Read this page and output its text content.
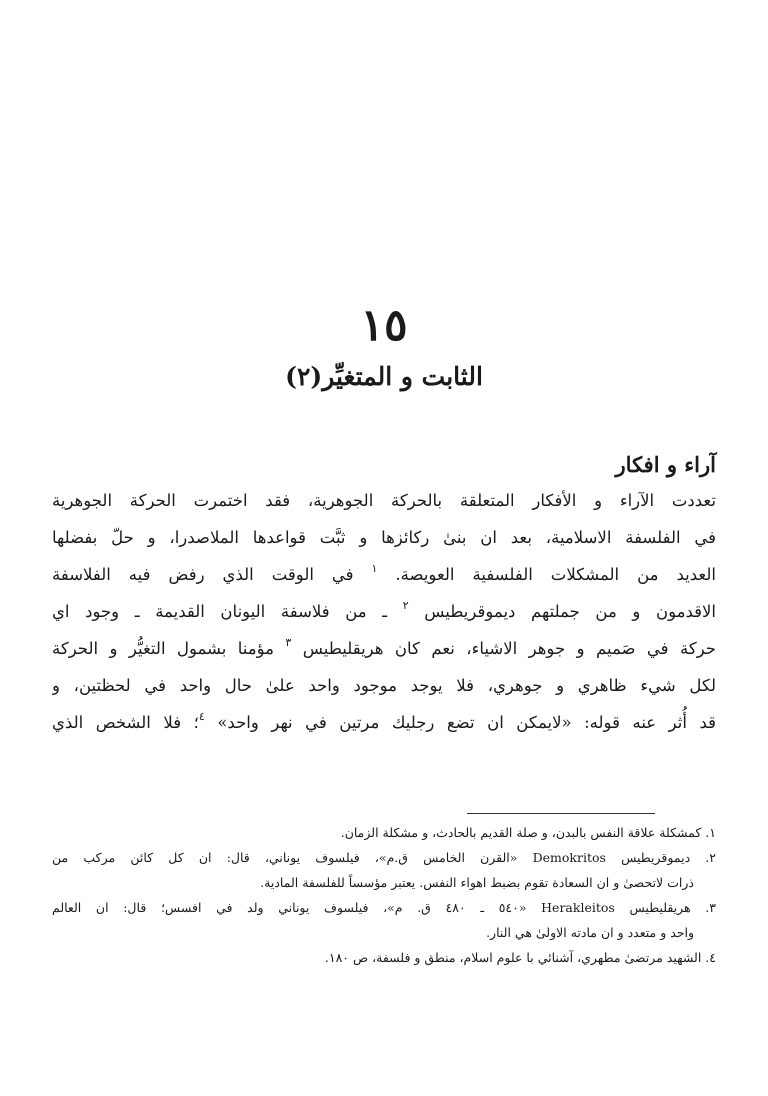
١٥
الثابت و المتغيِّر(٢)
آراء و افکار
تعددت الآراء و الأفکار المتعلقة بالحرکة الجوهرية، فقد اختمرت الحرکة الجوهرية
في الفلسفة الاسلامية، بعد ان بنیٰ رکائزها و ثبَّت قواعدها الملاصدرا، و حلّ بفضلها
العديد من المشکلات الفلسفية العويصة. $^١$ في الوقت الذي رفض فيه الفلاسفة
الاقدمون و من جملتهم ديموقريطيس $^٢$ ـ من فلاسفة اليونان القديمة ـ وجود اي
حرکة في صَميم و جوهر الاشياء، نعم کان هريقليطيس $^٣$ مؤمنا بشمول التغيُّر و الحرکة
لکل شيء ظاهري و جوهري، فلا يوجد موجود واحد علیٰ حال واحد في لحظتين، و
قد أُثر عنه قوله: «لايمکن ان تضع رجليك مرتين في نهر واحد» $^٤$؛ فلا الشخص الذي
١. کمشکلة علاقة النفس بالبدن، و صلة القديم بالحادث، و مشکلة الزمان.
٢. ديموقريطيس Demokritos «القرن الخامس ق.م»، فيلسوف يوناني، قال: ان کل کائن مرکب من
ذرات لاتحصیٰ و ان السعادة تقوم بضبط اهواء النفس. يعتبر مؤسساً للفلسفة المادية.
٣. هريقليطيس Herakleitos «٥٤٠ ـ ٤٨٠ ق. م»، فيلسوف يوناني ولد في افسس؛ قال: ان العالم
واحد و متعدد و ان مادته الاولیٰ هي النار.
٤. الشهيد مرتضیٰ مطهري، آشنائي با علوم اسلام، منطق و فلسفة، ص ١٨٠.
